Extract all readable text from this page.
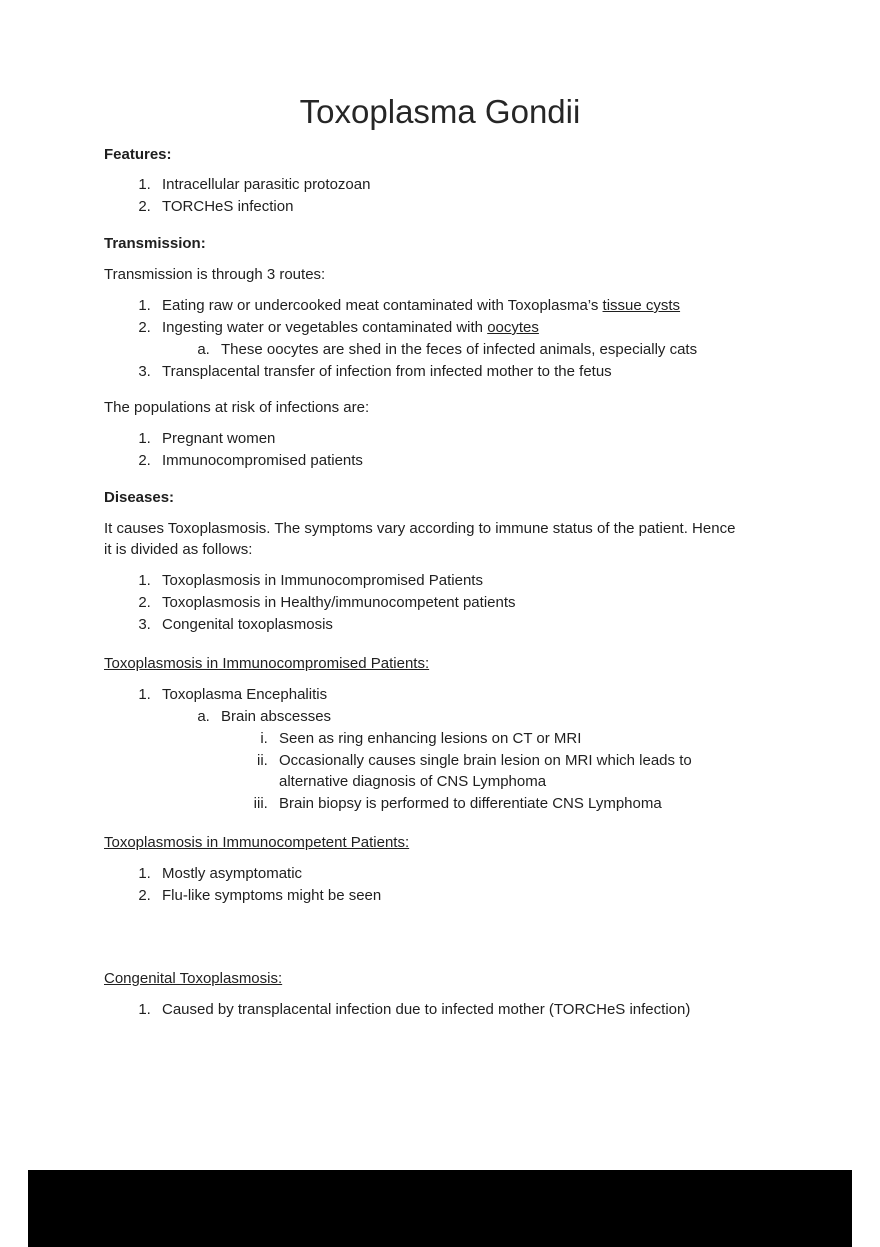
Toxoplasma Gondii
Features:
1. Intracellular parasitic protozoan
2. TORCHeS infection
Transmission:

Transmission is through 3 routes:

1. Eating raw or undercooked meat contaminated with Toxoplasma’s tissue cysts
2. Ingesting water or vegetables contaminated with oocytes
a. These oocytes are shed in the feces of infected animals, especially cats
3. Transplacental transfer of infection from infected mother to the fetus

The populations at risk of infections are:

1. Pregnant women
2. Immunocompromised patients
Diseases:

It causes Toxoplasmosis. The symptoms vary according to immune status of the patient. Hence it is divided as follows:

1. Toxoplasmosis in Immunocompromised Patients
2. Toxoplasmosis in Healthy/immunocompetent patients
3. Congenital toxoplasmosis
Toxoplasmosis in Immunocompromised Patients:
1. Toxoplasma Encephalitis
a. Brain abscesses
i. Seen as ring enhancing lesions on CT or MRI
ii. Occasionally causes single brain lesion on MRI which leads to alternative diagnosis of CNS Lymphoma
iii. Brain biopsy is performed to differentiate CNS Lymphoma
Toxoplasmosis in Immunocompetent Patients:
1. Mostly asymptomatic
2. Flu-like symptoms might be seen
Congenital Toxoplasmosis:
1. Caused by transplacental infection due to infected mother (TORCHeS infection)
